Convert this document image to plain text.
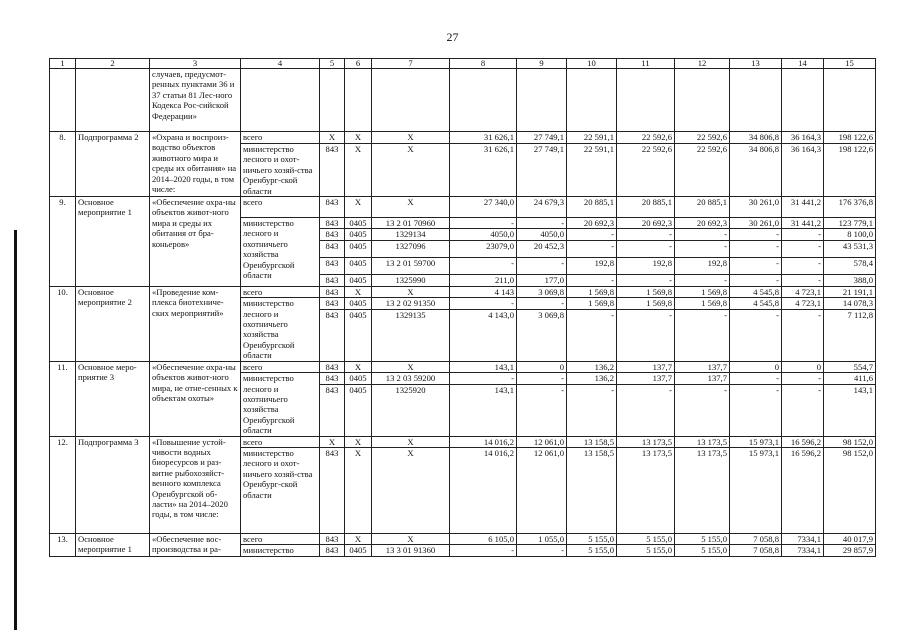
27
1	2	3	4	5	6	7	8	9	10	11	12	13	14	15
		случаев, предусмот-ренных пунктами 36 и 37 статьи 81 Лес-ного Кодекса Рос-сийской Федерации»												
8.	Подпрограмма 2	«Охрана и воспроиз-водство объектов животного мира и среды их обитания» на 2014–2020 годы, в том числе:	всего	X	X	X	31 626,1	27 749,1	22 591,1	22 592,6	22 592,6	34 806,8	36 164,3	198 122,6
			министерство лесного и охот-ничьего хозяй-ства Оренбург-ской области	843	X	X	31 626,1	27 749,1	22 591,1	22 592,6	22 592,6	34 806,8	36 164,3	198 122,6
9.	Основное мероприятие 1	«Обеспечение охра-ны объектов живот-ного мира и среды их обитания от бра-коньеров»	всего	843	X	X	27 340,0	24 679,3	20 885,1	20 885,1	20 885,1	30 261,0	31 441,2	176 376,8
			министерство лесного и охотничьего хозяйства Оренбургской области	843	0405	13 2 01 70960	-	-	20 692,3	20 692,3	20 692,3	30 261,0	31 441,2	123 779,1
				843	0405	1329134	4050,0	4050,0	-	-	-	-	-	8 100,0
				843	0405	1327096	23079,0	20 452,3	-	-	-	-	-	43 531,3
				843	0405	13 2 01 59700	-	-	192,8	192,8	192,8	-	-	578,4
				843	0405	1325990	211,0	177,0	-	-	-	-	-	388,0
10.	Основное мероприятие 2	«Проведение ком-плекса биотехниче-ских мероприятий»	всего	843	X	X	4 143	3 069,8	1 569,8	1 569,8	1 569,8	4 545,8	4 723,1	21 191,1
			министерство лесного и охотничьего хозяйства Оренбургской области	843	0405	13 2 02 91350	-	-	1 569,8	1 569,8	1 569,8	4 545,8	4 723,1	14 078,3
				843	0405	1329135	4 143,0	3 069,8	-	-	-	-	-	7 112,8
11.	Основное меро-приятие 3	«Обеспечение охра-ны объектов живот-ного мира, не отне-сенных к объектам охоты»	всего	843	X	X	143,1	0	136,2	137,7	137,7	0	0	554,7
			министерство лесного и охотничьего хозяйства Оренбургской области	843	0405	13 2 03 59200	-	-	136,2	137,7	137,7	-	-	411,6
				843	0405	1325920	143,1	-	-	-	-	-	-	143,1
12.	Подпрограмма 3	«Повышение устой-чивости водных биоресурсов и раз-витие рыбохозяйст-венного комплекса Оренбургской об-ласти» на 2014–2020 годы, в том числе:	всего	X	X	X	14 016,2	12 061,0	13 158,5	13 173,5	13 173,5	15 973,1	16 596,2	98 152,0
			министерство лесного и охот-ничьего хозяй-ства Оренбург-ской области	843	X	X	14 016,2	12 061,0	13 158,5	13 173,5	13 173,5	15 973,1	16 596,2	98 152,0
13.	Основное мероприятие 1	«Обеспечение вос-производства и ра-	всего	843	X	X	6 105,0	1 055,0	5 155,0	5 155,0	5 155,0	7 058,8	7334,1	40 017,9
			министерство	843	0405	13 3 01 91360	-	-	5 155,0	5 155,0	5 155,0	7 058,8	7334,1	29 857,9
